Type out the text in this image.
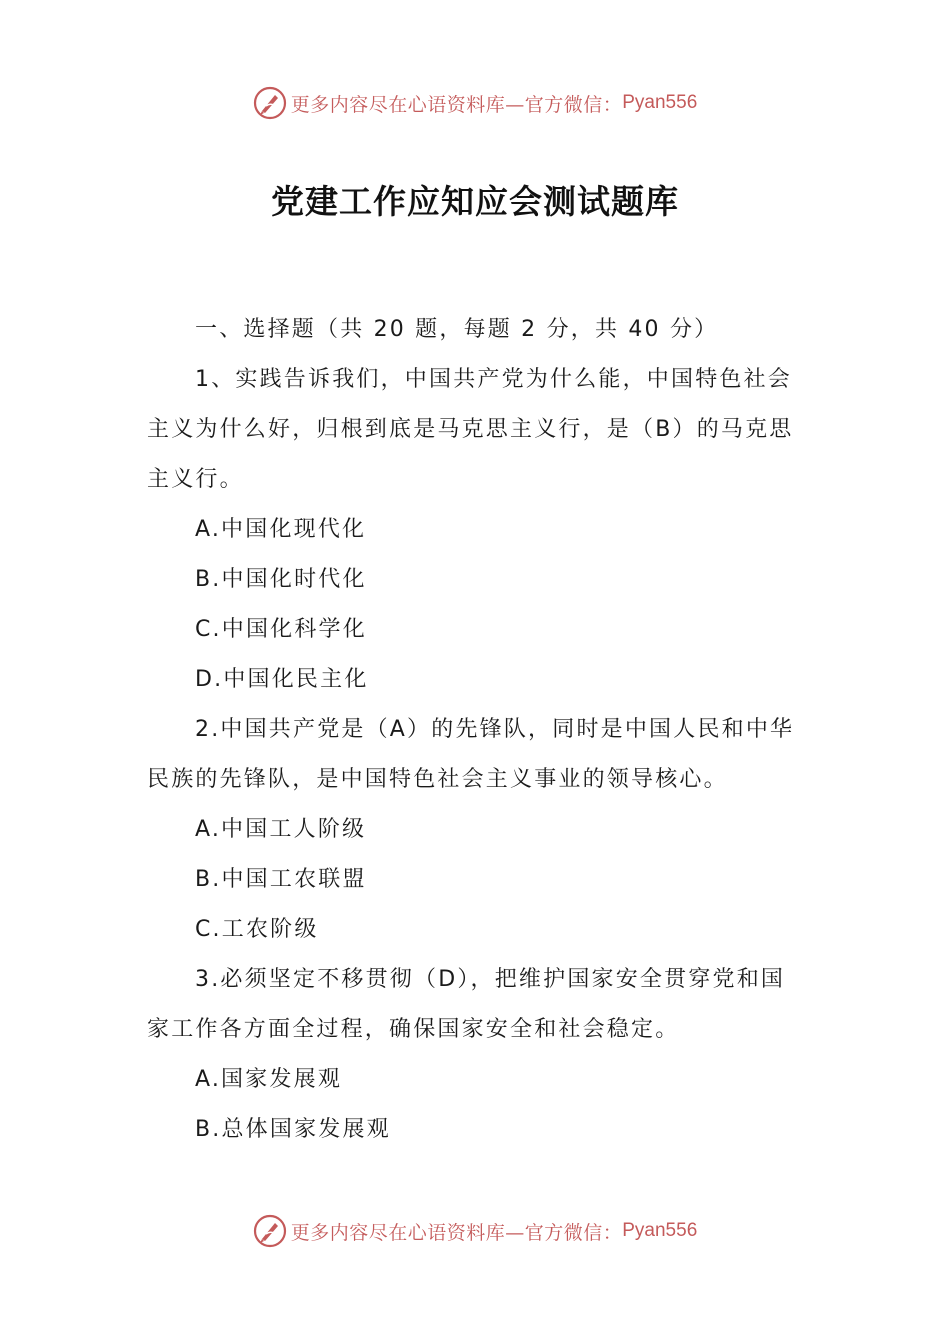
更多内容尽在心语资料库—官方微信： Pyan556
党建工作应知应会测试题库

一、选择题（共 20 题，每题 2 分，共 40 分）

1、实践告诉我们，中国共产党为什么能，中国特色社会主义为什么好，归根到底是马克思主义行，是（B）的马克思主义行。

A.中国化现代化

B.中国化时代化

C.中国化科学化

D.中国化民主化

2.中国共产党是（A）的先锋队，同时是中国人民和中华民族的先锋队，是中国特色社会主义事业的领导核心。

A.中国工人阶级

B.中国工农联盟

C.工农阶级

3.必须坚定不移贯彻（D），把维护国家安全贯穿党和国家工作各方面全过程，确保国家安全和社会稳定。

A.国家发展观

B.总体国家发展观

更多内容尽在心语资料库—官方微信： Pyan556
